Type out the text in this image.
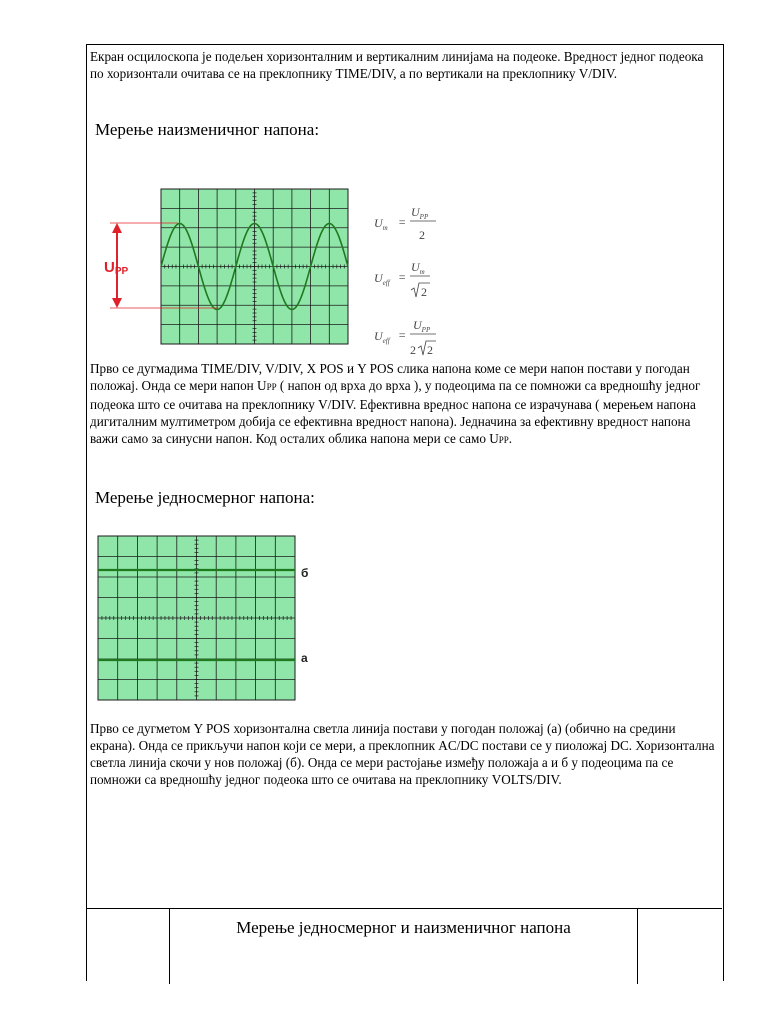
Екран осцилоскопа је подељен хоризонталним и вертикалним линијама на подеоке. Вредност једног подеока по хоризонтали очитава се на преклопнику TIME/DIV, а по вертикали на преклопнику V/DIV.

Мерење наизменичног напона:
UPP
$U_m$ =
$U_{PP}$
2
$U_{eff}$ =
$U_m$
2
$U_{eff}$ =
$U_{PP}$
2 2

Прво се дугмадима TIME/DIV, V/DIV, X POS и Y POS слика напона коме се мери напон постави у погодан положај. Онда се мери напон UPP ( напон од врха до врха ), у подеоцима па се помножи са вредношћу једног подеока што се очитава на преклопнику V/DIV. Ефективна вреднос напона се израчунава ( мерењем напона дигиталним мултиметром добија се ефективна вредност напона). Једначина за ефективну вредност напона важи само за синусни напон. Код осталих облика напона мери се само UPP.

Мерење једносмерног напона:
б
а

Прво се дугметом Y POS хоризонтална светла линија постави у погодан положај (а) (обично на средини екрана). Онда се прикључи напон који се мери, а преклопник AC/DC постави се у пиоложај DC. Хоризонтална светла линија скочи у нов положај (б). Онда се мери растојање између положаја а и б у подеоцима па се помножи са вредношћу једног подеока што се очитава на преклопнику VOLTS/DIV.

Мерење једносмерног и наизменичног напона
